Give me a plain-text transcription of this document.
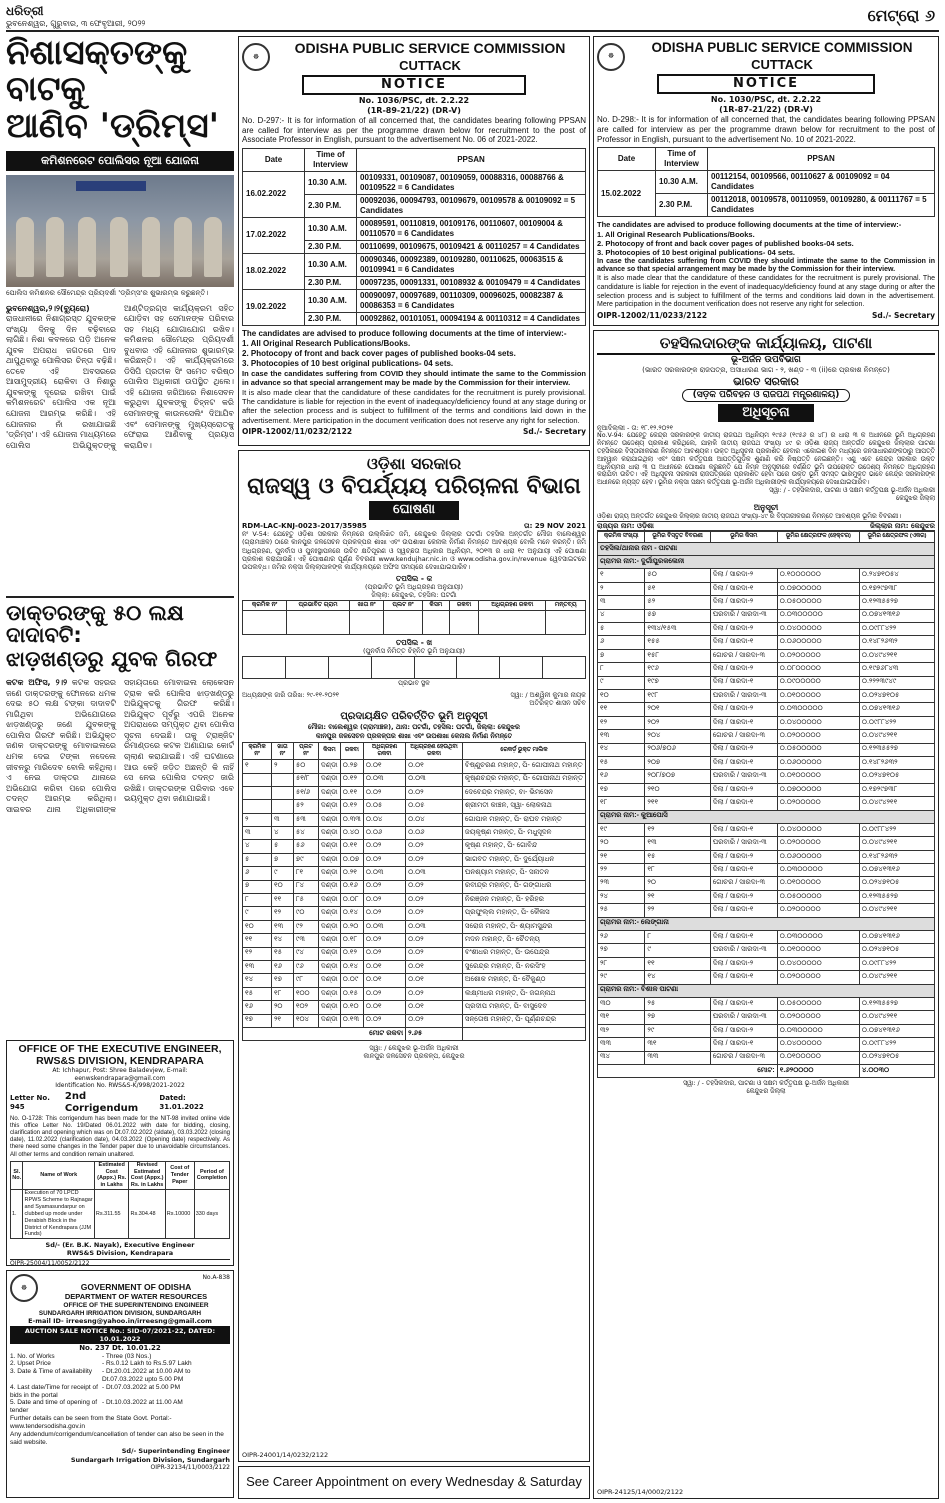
ଧରିତ୍ରୀ
ଭୁବନେଶ୍ୱର, ଗୁରୁବାର, ୩ ଫେବୃଆରୀ, ୨୦୨୨	ମେଟ୍ରୋ ୬
ନିଶାସକ୍ତଙ୍କୁ ବାଟକୁ
ଆଣିବ 'ଡ୍ରିମ୍ସ'
କମିଶନରେଟ ପୋଲିସର ନୂଆ ଯୋଜନା
ପୋଲିସ କମିଶନର ସୌମେନ୍ଦ୍ର ପ୍ରିୟଦର୍ଶୀ 'ଡ୍ରିମ୍ସ'ର ଶୁଭାରମ୍ଭ କରୁଛନ୍ତି।
ଭୁବନେଶ୍ୱର,୨।୨(ବ୍ୟୁରୋ) ରାଜଧାନୀରେ ନିଶାଗ୍ରସ୍ତ ଯୁବକଙ୍କ ସଂଖ୍ୟା ଦିନକୁ ଦିନ ବଢ଼ିବାରେ ଲାଗିଛି। ନିଶା କବଳରେ ପଡ଼ି ଅନେକ ଯୁବକ ଅପରାଧ ଜଗତରେ ପାଦ ଥାପୁଥିବାରୁ ପୋଲିସର ଚିନ୍ତା ବଢ଼ିଛି। ତେବେ ଏହି ଅବସରରେ ଆସାମୁଦ୍ରୀୟ ରୋକିବା ଓ ନିଶାରୁ ଯୁବକଙ୍କୁ ଦୂରେଇ ରଖିବା ପାଇଁ କମିଶନରେଟ ପୋଲିସ ଏକ ନୂଆ ଯୋଜନା ଆରମ୍ଭ କରିଛି। ଏହି ଯୋଜନାର ନାଁ ରଖାଯାଇଛି 'ଡ୍ରିମ୍ସ'। ଏହି ଯୋଜନା ମାଧ୍ୟମରେ ପୋଲିସ ଅଭିଯୁକ୍ତଙ୍କୁ ଆଣ୍ଟିଡ୍ରଗ୍ସ କାର୍ଯ୍ୟକ୍ରମ ସହିତ ଯୋଡ଼ିବା ସହ ସେମାନଙ୍କ ପରିବାର ସହ ମଧ୍ୟ ଯୋଗାଯୋଗ ରଖିବ। କମିଶନର ସୌମେନ୍ଦ୍ର ପ୍ରିୟଦର୍ଶୀ ବୁଧବାର ଏହି ଯୋଜନାର ଶୁଭାରମ୍ଭ କରିଛନ୍ତି। ଏହି କାର୍ଯ୍ୟକ୍ରମରେ ଡିସିପି ପ୍ରତୀକ ସିଂ ସମେତ ବରିଷ୍ଠ ପୋଲିସ ଅଧିକାରୀ ଉପସ୍ଥିତ ଥିଲେ। ଏହି ଯୋଜନା ଜରିଆରେ ନିଶାସେବନ କରୁଥିବା ଯୁବକଙ୍କୁ ଚିହ୍ନଟ କରି ସେମାନଙ୍କୁ କାଉନସେଲିଂ ଦିଆଯିବ ଏବଂ ସେମାନଙ୍କୁ ମୁଖ୍ୟସ୍ରୋତକୁ ଫେରାଇ ଆଣିବାକୁ ପ୍ରୟାସ କରାଯିବ।
ଡାକ୍ତରଙ୍କୁ ୫୦ ଲକ୍ଷ ଦାଦାବଟି:
ଝାଡ଼ଖଣ୍ଡରୁ ଯୁବକ ଗିରଫ
କଟକ ଅଫିସ, ୨।୨ କଟକ ସହରର ଜଣେ ଡାକ୍ତରଙ୍କୁ ଫୋନରେ ଧମକ ଦେଇ ୫୦ ଲକ୍ଷ ଟଙ୍କା ଦାଦାବଟି ମାଗିଥିବା ଅଭିଯୋଗରେ ଝାଡ଼ଖଣ୍ଡରୁ ଜଣେ ଯୁବକଙ୍କୁ ପୋଲିସ ଗିରଫ କରିଛି। ଅଭିଯୁକ୍ତ ଜଣକ ଡାକ୍ତରଙ୍କୁ ମୋବାଇଲରେ ଧମକ ଦେଇ ଟଙ୍କା ନଦେଲେ ଜୀବନରୁ ମାରିଦେବ ବୋଲି କହିଥିଲା। ଏ ନେଇ ଡାକ୍ତର ଥାନାରେ ଅଭିଯୋଗ କରିବା ପରେ ପୋଲିସ ତଦନ୍ତ ଆରମ୍ଭ କରିଥିଲା। ସାଇବର ଥାନା ଅଧିକାରୀଙ୍କ ସହାୟତାରେ ମୋବାଇଲ ଲୋକେସନ ଟ୍ରାକ କରି ପୋଲିସ ଝାଡ଼ଖଣ୍ଡରୁ ଅଭିଯୁକ୍ତକୁ ଗିରଫ କରିଛି। ଅଭିଯୁକ୍ତ ପୂର୍ବରୁ ଏପରି ଅନେକ ଅପରାଧରେ ସମ୍ପୃକ୍ତ ଥିବା ପୋଲିସ ସୂଚନା ଦେଇଛି। ତାକୁ ଟ୍ରାଞ୍ଜିଟ ରିମାଣ୍ଡରେ କଟକ ଅଣାଯାଇ କୋର୍ଟ ଚାଲାଣ କରାଯାଇଛି। ଏହି ଘଟଣାରେ ଆଉ କେହି ଜଡ଼ିତ ଅଛନ୍ତି କି ନାହିଁ ସେ ନେଇ ପୋଲିସ ତଦନ୍ତ ଜାରି ରଖିଛି। ଡାକ୍ତରଙ୍କ ପରିବାର ଏବେ ଭୟମୁକ୍ତ ଥିବା ଜଣାଯାଇଛି।
OFFICE OF THE EXECUTIVE ENGINEER,
RWS&S DIVISION, KENDRAPARA
At: Ichhapur, Post: Shree Baladevjew, E-mail: eenwskendrapara@gmail.com
Identification No. RWS&S-K/998/2021-2022
Letter No. 945
2nd Corrigendum
Dated: 31.01.2022
No. O-1728: This corrigendum has been made for the NIT-98 invited online vide this office Letter No. 19/Dated 06.01.2022 with date for bidding, closing, clarification and opening which was on Dt.07.02.2022 (sldate), 03.03.2022 (closing date), 11.02.2022 (clarification date), 04.03.2022 (Opening date) respectively. As there need some changes in the Tender paper due to unavoidable circumstances. All other terms and condition remain unaltered.
Sl. No.	Name of Work	Estimated Cost (Appx.) Rs. in Lakhs	Revised Estimated Cost (Appx.) Rs. in Lakhs	Cost of Tender Paper	Period of Completion
1.	Execution of 70 LPCD RPWS Scheme to Rajnagar and Syamasundarpur on clubbed up mode under Derabish Block in the District of Kendrapara (JJM Funds)	Rs.311.55	Rs.304.48	Rs.10000	330 days
Sd/- (Er. B.K. Nayak), Executive Engineer
RWS&S Division, Kendrapara
OIPR-25004/11/0052/2122
☸
No.A-838
GOVERNMENT OF ODISHA
DEPARTMENT OF WATER RESOURCES
OFFICE OF THE SUPERINTENDING ENGINEER
SUNDARGARH IRRIGATION DIVISION, SUNDARGARH
E-mail ID- irreesng@yahoo.in/irreesng@gmail.com
AUCTION SALE NOTICE No.: SID-07/2021-22, DATED: 10.01.2022
No. 237 Dt. 10.01.22
1. No. of Works	- Three (03 Nos.)
2. Upset Price	- Rs.0.12 Lakh to Rs.5.97 Lakh
3. Date & Time of availability	- Dt.20.01.2022 at 10.00 AM to Dt.07.03.2022 upto 5.00 PM
4. Last date/Time for receipt of bids in the portal
- Dt.07.03.2022 at 5.00 PM
5. Date and time of opening of tender
- Dt.10.03.2022 at 11.00 AM
Further details can be seen from the State Govt. Portal:- www.tendersodisha.gov.in
Any addendum/corrigendum/cancellation of tender can also be seen in the said website.
Sd/- Superintending Engineer
Sundargarh Irrigation Division, Sundargarh
OIPR-32134/11/0003/2122
☸
ODISHA PUBLIC SERVICE COMMISSION
CUTTACK
NOTICE
No. 1036/PSC, dt. 2.2.22
(1R-89-21/22) (DR-V)
No. D-297:- It is for information of all concerned that, the candidates bearing following PPSAN are called for interview as per the programme drawn below for recruitment to the post of Associate Professor in English, pursuant to the advertisement No. 06 of 2021-2022.
Date	Time of Interview	PPSAN
16.02.2022	10.30 A.M.	00109331, 00109087, 00109059, 00088316, 00088766 & 00109522 = 6 Candidates
	2.30 P.M.	00092036, 00094793, 00109679, 00109578 & 00109092 = 5 Candidates
17.02.2022	10.30 A.M.	00089591, 00110819, 00109176, 00110607, 00109004 & 00110570 = 6 Candidates
	2.30 P.M.	00110699, 00109675, 00109421 & 00110257 = 4 Candidates
18.02.2022	10.30 A.M.	00090346, 00092389, 00109280, 00110625, 00063515 & 00109941 = 6 Candidates
	2.30 P.M.	00097235, 00091331, 00108932 & 00109479 = 4 Candidates
19.02.2022	10.30 A.M.	00090097, 00097689, 00110309, 00096025, 00082387 & 00086353 = 6 Candidates
	2.30 P.M.	00092862, 00101051, 00094194 & 00110312 = 4 Candidates
The candidates are advised to produce following documents at the time of interview:-
1. All Original Research Publications/Books.
2. Photocopy of front and back cover pages of published books-04 sets.
3. Photocopies of 10 best original publications- 04 sets.
In case the candidates suffering from COVID they should intimate the same to the Commission in advance so that special arrangement may be made by the Commission for their interview.
It is also made clear that the candidature of these candidates for the recruitment is purely provisional. The candidature is liable for rejection in the event of inadequacy/deficiency found at any stage during or after the selection process and is subject to fulfillment of the terms and conditions laid down in the advertisement. Mere participation in the document verification does not reserve any right for selection.
OIPR-12002/11/0232/2122	Sd./- Secretary
☸
ODISHA PUBLIC SERVICE COMMISSION
CUTTACK
NOTICE
No. 1030/PSC, dt. 2.2.22
(1R-87-21/22) (DR-V)
No. D-298:- It is for information of all concerned that, the candidates bearing following PPSAN are called for interview as per the programme drawn below for recruitment to the post of Professor in English, pursuant to the advertisement No. 10 of 2021-2022.
Date	Time of Interview	PPSAN
15.02.2022	10.30 A.M.	00112154, 00109566, 00110627 & 00109092 = 04 Candidates
	2.30 P.M.	00112018, 00109578, 00110959, 00109280, & 00111767 = 5 Candidates
The candidates are advised to produce following documents at the time of interview:-
1. All Original Research Publications/Books.
2. Photocopy of front and back cover pages of published books-04 sets.
3. Photocopies of 10 best original publications- 04 sets.
In case the candidates suffering from COVID they should intimate the same to the Commission in advance so that special arrangement may be made by the Commission for their interview.
It is also made clear that the candidature of these candidates for the recruitment is purely provisional. The candidature is liable for rejection in the event of inadequacy/deficiency found at any stage during or after the selection process and is subject to fulfillment of the terms and conditions laid down in the advertisement. Mere participation in the document verification does not reserve any right for selection.
OIPR-12002/11/0233/2122	Sd./- Secretary
ଓଡ଼ିଶା ସରକାର
ରାଜସ୍ୱ ଓ ବିପର୍ଯ୍ୟୟ ପରିଚାଳନା ବିଭାଗ
ଘୋଷଣା
RDM-LAC-KNJ-0023-2017/35985	ତା: 29 NOV 2021
ନଂ V-54: ଯେହେତୁ ଓଡ଼ିଶା ସରକାର ନିମ୍ନରେ ଉଲ୍ଲିଖିତ ଜମି, କେନ୍ଦୁଝର ଜିଲ୍ଲାର ଘଟଗାଁ ତହସିଲ ଅନ୍ତର୍ଗତ ମୌଜା ବାଲେଶ୍ୱର (ଗ୍ରାମାଞ୍ଚଳ) ଠାରେ କାନପୁର ଜଳସେଚନ ପ୍ରକଳ୍ପର ଶାଖା ଏବଂ ଉପଶାଖା କେନାଲ ନିର୍ମାଣ ନିମନ୍ତେ ଆବଶ୍ୟକ ବୋଲି ମନେ କରନ୍ତି। ଜମି ଅଧିଗ୍ରହଣ, ପୁନର୍ବାସ ଓ ପୁନଃସ୍ଥାପନରେ ଉଚିତ କ୍ଷତିପୂରଣ ଓ ସ୍ୱଚ୍ଛତା ଅଧିକାର ଅଧିନିୟମ, ୨୦୧୩ ର ଧାରା ୧୯ ଅନୁଯାୟୀ ଏହି ଘୋଷଣା ପ୍ରକାଶ କରାଯାଉଛି। ଏହି ଘୋଷଣାର ପୂର୍ଣ୍ଣ ବିବରଣୀ www.kendujhar.nic.in ଓ www.odisha.gov.in/revenue ୱେବସାଇଟରେ ଉପଲବ୍ଧ। ଜମିର ନକ୍ସା ଜିଲ୍ଲାପାଳଙ୍କ କାର୍ଯ୍ୟାଳୟରେ ଅଫିସ ସମୟରେ ଦେଖାଯାଇପାରିବ।
ତପସିଲ - କ
(ପ୍ରଭାବିତ ଭୂମି ଅଧିଗ୍ରହଣ ଅନୁଯାୟୀ)
ଜିଲ୍ଲା: କେନ୍ଦୁଝର, ତହସିଲ: ଘଟଗାଁ
କ୍ରମିକ ନଂ	ପ୍ରଭାବିତ ଗ୍ରାମ	ଖାତା ନଂ	ପ୍ଲଟ ନଂ	କିସମ	ରକବା	ଅଧିଗ୍ରହଣ ରକବା	ମନ୍ତବ୍ୟ

ତପସିଲ - ଖ
(ପୁନର୍ବାସ ନିମିତ୍ତ ଚିହ୍ନିତ ଭୂମି ଅନୁଯାୟୀ)

ପ୍ରଭାବ ସ୍ଥଳ
ଅଧ୍ୟକ୍ଷଙ୍କ ଜାରି ତାରିଖ: ୨୯-୧୧-୨୦୨୧	ସ୍ୱା: / ଅଶ୍ୱିନୀ କୁମାର ନାୟକ
ଅତିରିକ୍ତ ଶାସନ ସଚିବ
ପ୍ରଦାୟକ୍ଷିତ ପରିବର୍ତ୍ତିତ ଭୂମି ଅନୁସୂଚୀ
ମୌଜା: ବାଲେଶ୍ୱର (ଗ୍ରାମାଞ୍ଚଳ), ଥାନା: ଘଟଗାଁ, ତହସିଲ: ଘଟଗାଁ, ଜିଲ୍ଲା: କେନ୍ଦୁଝର
କାନପୁର ଜଳସେଚନ ପ୍ରକଳ୍ପର ଶାଖା ଏବଂ ଉପଶାଖା କେନାଲ ନିର୍ମାଣ ନିମନ୍ତେ
କ୍ରମିକ ନଂ	ଖାତା ନଂ	ପ୍ଲଟ ନଂ	କିସମ	ରକବା	ଅଧିଗ୍ରହଣ ରକବା	ଅଧିଗ୍ରହଣ ହେଉଥିବା ରକବା	ରେକର୍ଡ଼ ଭୁକ୍ତ ମାଲିକ
୧	୨	୫୦	ଦଣ୍ଡା	୦.୨୭	୦.୦୧	୦.୦୧	ବିଷ୍ଣୁଚରଣ ମହାନ୍ତ, ପି- ଗୋପୀନାଥ ମହାନ୍ତ
		୫୧/୮	ଦଣ୍ଡା	୦.୧୨	୦.୦୩	୦.୦୩	କୃଷ୍ଣଚନ୍ଦ୍ର ମହାନ୍ତ, ପି- ଗୋପୀନାଥ ମହାନ୍ତ
		୫୧/୬	ଦଣ୍ଡା	୦.୧୧	୦.୦୨	୦.୦୨	ଦେବେନ୍ଦ୍ର ମହାନ୍ତ, ବା- ଭିମସେନ
		୫୨	ଦଣ୍ଡା	୦.୧୨	୦.୦୫	୦.୦୫	ଶ୍ରୀମତୀ କାଞ୍ଚନ, ସ୍ୱା- ଲୋକନାଥ
୨	୩	୫୩	ଦଣ୍ଡା	୦.୩୩	୦.୦୪	୦.୦୪	ଗୋପାଳ ମହାନ୍ତ, ପି- ରାଘବ ମହାନ୍ତ
୩	୪	୫୪	ଦଣ୍ଡା	୦.୪୦	୦.୦୬	୦.୦୬	ଜୟକୃଷ୍ଣ ମହାନ୍ତ, ପି- ମଧୁସୂଦନ
୪	୫	୫୬	ଦଣ୍ଡା	୦.୧୧	୦.୦୨	୦.୦୨	କୃଷ୍ଣ ମହାନ୍ତ, ପି- ଗୋବିନ୍ଦ
୫	୭	୭୯	ଦଣ୍ଡା	୦.୦୭	୦.୦୨	୦.୦୨	ଭାଗବତ ମହାନ୍ତ, ପି- ଦୁର୍ଯ୍ୟୋଧନ
୬	୯	୮୧	ଦଣ୍ଡା	୦.୨୧	୦.୦୩	୦.୦୩	ଘନଶ୍ୟାମ ମହାନ୍ତ, ପି- ସନାତନ
୭	୧୦	୮୪	ଦଣ୍ଡା	୦.୧୬	୦.୦୨	୦.୦୨	ରବୀନ୍ଦ୍ର ମହାନ୍ତ, ପି- ଗଙ୍ଗାଧର
୮	୧୧	୮୫	ଦଣ୍ଡା	୦.୦୮	୦.୦୨	୦.୦୨	ନିରଞ୍ଜନ ମହାନ୍ତ, ପି- ହରିହର
୯	୧୨	୯୦	ଦଣ୍ଡା	୦.୧୪	୦.୦୨	୦.୦୨	ପ୍ରଫୁଲ୍ଲ ମହାନ୍ତ, ପି- କୈଳାସ
୧୦	୧୩	୯୨	ଦଣ୍ଡା	୦.୨୦	୦.୦୩	୦.୦୩	ସରୋଜ ମହାନ୍ତ, ପି- ଶ୍ୟାମସୁନ୍ଦର
୧୧	୧୪	୯୩	ଦଣ୍ଡା	୦.୧୮	୦.୦୨	୦.୦୨	ମଦନ ମହାନ୍ତ, ପି- ଚୈତନ୍ୟ
୧୨	୧୫	୯୪	ଦଣ୍ଡା	୦.୧୨	୦.୦୨	୦.୦୨	ବଂଶୀଧର ମହାନ୍ତ, ପି- ଉପେନ୍ଦ୍ର
୧୩	୧୬	୯୬	ଦଣ୍ଡା	୦.୧୪	୦.୦୧	୦.୦୧	ସୁରେନ୍ଦ୍ର ମହାନ୍ତ, ପି- ନରସିଂହ
୧୪	୧୭	୯୮	ଦଣ୍ଡା	୦.୦୯	୦.୦୧	୦.୦୧	ଅଶୋକ ମହାନ୍ତ, ପି- ବୈକୁଣ୍ଠ
୧୫	୧୮	୧୦୦	ଦଣ୍ଡା	୦.୧୫	୦.୦୨	୦.୦୨	ଲକ୍ଷ୍ମୀଧର ମହାନ୍ତ, ପି- ଜଗନ୍ନାଥ
୧୬	୨୦	୧୦୨	ଦଣ୍ଡା	୦.୧୦	୦.୦୧	୦.୦୧	ପ୍ରଦୀପ ମହାନ୍ତ, ପି- ବାସୁଦେବ
୧୭	୨୧	୧୦୪	ଦଣ୍ଡା	୦.୧୩	୦.୦୨	୦.୦୨	ସନ୍ତୋଷ ମହାନ୍ତ, ପି- ପୂର୍ଣ୍ଣଚନ୍ଦ୍ର
ମୋଟ ରକବା						୨.୬୫	
ସ୍ୱା: / କେନ୍ଦୁଝର ଭୂ-ଅର୍ଜନ ଅଧିକାରୀ
କାନପୁର ଜଳସେଚନ ପ୍ରକଳ୍ପ, କେନ୍ଦୁଝର
OIPR-24001/14/0232/2122
See Career Appointment on every Wednesday & Saturday
ତହସିଲଦାରଙ୍କ କାର୍ଯ୍ୟାଳୟ, ପାଟଣା
ଭୂ-ଅର୍ଜନ ଉପବିଭାଗ
(ଭାରତ ସରକାରଙ୍କ ରାଜପତ୍ର, ଅସାଧାରଣ ଭାଗ - ୨, ଖଣ୍ଡ - ୩ (ii)ରେ ପ୍ରକାଶ ନିମନ୍ତେ)
ଭାରତ ସରକାର
(ସଡ଼କ ପରିବହନ ଓ ରାଜପଥ ମନ୍ତ୍ରଣାଳୟ)
ଅଧିସୂଚନା
ନୂଆଦିଲ୍ଲୀ - ତା: ୧୮.୧୨.୨୦୨୧
No.V-94: ଯେହେତୁ କେନ୍ଦ୍ର ସରକାରଙ୍କ ଜାତୀୟ ରାଜପଥ ଅଧିନିୟମ ୧୯୫୬ (୧୯୫୬ ର ୪୮) ର ଧାରା ୩ କ ଅଧୀନରେ ଭୂମି ଅଧିଗ୍ରହଣ ନିମନ୍ତେ ଉଦ୍ଦେଶ୍ୟ ପ୍ରକାଶ କରିଥିଲେ, ଯାହାକି ଜାତୀୟ ରାଜପଥ ସଂଖ୍ୟା ୪୯ ର ଓଡ଼ିଶା ରାଜ୍ୟ ଅନ୍ତର୍ଗତ କେନ୍ଦୁଝର ଜିଲ୍ଲାର ପାଟଣା ତହସିଲରେ ବିସ୍ତାରୀକରଣ ନିମନ୍ତେ ଆବଶ୍ୟକ। ଉକ୍ତ ଅଧିସୂଚନା ପ୍ରକାଶିତ ହେବାର ଏକୋଇଶ ଦିନ ମଧ୍ୟରେ ଜନସାଧାରଣଙ୍କଠାରୁ ଆପତ୍ତି ଆହ୍ୱାନ କରାଯାଇଥିଲା ଏବଂ ସକ୍ଷମ କର୍ତ୍ତୃପକ୍ଷ ଆପତ୍ତିଗୁଡ଼ିକ ଶୁଣାଣି କରି ନିଷ୍ପତ୍ତି ନେଇଛନ୍ତି। ଏଣୁ ଏବେ କେନ୍ଦ୍ର ସରକାର ଉକ୍ତ ଅଧିନିୟମର ଧାରା ୩ ଘ ଅଧୀନରେ ଘୋଷଣା କରୁଛନ୍ତି ଯେ ନିମ୍ନ ଅନୁସୂଚୀରେ ବର୍ଣ୍ଣିତ ଭୂମି ଉପରୋକ୍ତ ଉଦ୍ଦେଶ୍ୟ ନିମନ୍ତେ ଅଧିଗ୍ରହଣ କରାଯିବା ଉଚିତ। ଏହି ଅଧିସୂଚନା ସରକାରୀ ରାଜପତ୍ରରେ ପ୍ରକାଶିତ ହେବା ପରେ ଉକ୍ତ ଭୂମି ସମସ୍ତ ଭାରମୁକ୍ତ ଭାବେ କେନ୍ଦ୍ର ସରକାରଙ୍କ ଅଧୀନରେ ନ୍ୟସ୍ତ ହେବ। ଭୂମିର ନକ୍ସା ସକ୍ଷମ କର୍ତ୍ତୃପକ୍ଷ ଭୂ-ଅର୍ଜନ ଅଧିକାରୀଙ୍କ କାର୍ଯ୍ୟାଳୟରେ ଦେଖାଯାଇପାରିବ।
ସ୍ୱା: / - ତହସିଲଦାର, ପାଟଣା ଓ ସକ୍ଷମ କର୍ତ୍ତୃପକ୍ଷ ଭୂ-ଅର୍ଜନ ଅଧିକାରୀ
କେନ୍ଦୁଝର ଜିଲ୍ଲା
ଅନୁସୂଚୀ
ଓଡ଼ିଶା ରାଜ୍ୟ ଅନ୍ତର୍ଗତ କେନ୍ଦୁଝର ଜିଲ୍ଲାର ଜାତୀୟ ରାଜପଥ ସଂଖ୍ୟା-୪୯ ର ବିସ୍ତାରୀକରଣ ନିମନ୍ତେ ଆବଶ୍ୟକ ଭୂମିର ବିବରଣୀ।
ରାଜ୍ୟର ନାମ: ଓଡ଼ିଶା	ଜିଲ୍ଲାର ନାମ: କେନ୍ଦୁଝର
କ୍ରମିକ ସଂଖ୍ୟା	ଭୂମିର ବିସ୍ତୃତ ବିବରଣୀ	ଭୂମିର କିସମ	ଭୂମିର କ୍ଷେତ୍ରଫଳ (ହେକ୍ଟର)	ଭୂମିର କ୍ଷେତ୍ରଫଳ (ଏକର)
ତହସିଲ/ଥାନାର ନାମ - ପାଟଣା				
ଗ୍ରାମର ନାମ:- ଦୁର୍ଗାପୁରକଳୋନୀ				
୧	୫୦	ଦିଲା / ସାରଦା-୨	୦.୧୦୦୦୦୦୦	୦.୨୪୭୧୦୫୪
୨	୫୧	ଦିଲା / ସାରଦା-୧	୦.୦୭୦୦୦୦୦	୦.୧୭୨୯୭୩୮
୩	୫୨	ଦିଲା / ସାରଦା-୨	୦.୦୫୦୦୦୦୦	୦.୧୨୩୫୫୨୭
୪	୫୭	ଘରବାରି / ସାରଦା-୩	୦.୦୩୦୦୦୦୦	୦.୦୭୪୧୩୧୬
୫	୧୩୪/୧୫୩	ଦିଲା / ସାରଦା-୨	୦.୦୪୦୦୦୦୦	୦.୦୯୮୮୪୨୨
୬	୧୫୫	ଦିଲା / ସାରଦା-୧	୦.୦୬୦୦୦୦୦	୦.୧୪୮୨୬୩୨
୭	୧୫୮	ଗୋଚର / ସାରଦା-୩	୦.୦୨୦୦୦୦୦	୦.୦୪୯୪୨୧୧
୮	୧୯୬	ଦିଲା / ସାରଦା-୨	୦.୦୮୦୦୦୦୦	୦.୧୯୭୬୮୪୩
୯	୧୯୭	ଦିଲା / ସାରଦା-୧	୦.୦୯୦୦୦୦୦	୦.୨୨୨୩୯୪୯
୧୦	୧୯୮	ଘରବାରି / ସାରଦା-୩	୦.୦୧୦୦୦୦୦	୦.୦୨୪୭୧୦୫
୧୧	୨୦୧	ଦିଲା / ସାରଦା-୨	୦.୦୩୦୦୦୦୦	୦.୦୭୪୧୩୧୬
୧୨	୨୦୨	ଦିଲା / ସାରଦା-୧	୦.୦୪୦୦୦୦୦	୦.୦୯୮୮୪୨୨
୧୩	୨୦୪	ଗୋଚର / ସାରଦା-୩	୦.୦୨୦୦୦୦୦	୦.୦୪୯୪୨୧୧
୧୪	୨୦୬/୭୦୬	ଦିଲା / ସାରଦା-୨	୦.୦୫୦୦୦୦୦	୦.୧୨୩୫୫୨୭
୧୫	୨୦୭	ଦିଲା / ସାରଦା-୧	୦.୦୬୦୦୦୦୦	୦.୧୪୮୨୬୩୨
୧୬	୨୦୮/୭୦୭	ଘରବାରି / ସାରଦା-୩	୦.୦୧୦୦୦୦୦	୦.୦୨୪୭୧୦୫
୧୭	୨୧୦	ଦିଲା / ସାରଦା-୨	୦.୦୭୦୦୦୦୦	୦.୧୭୨୯୭୩୮
୧୮	୨୧୧	ଦିଲା / ସାରଦା-୧	୦.୦୨୦୦୦୦୦	୦.୦୪୯୪୨୧୧
ଗ୍ରାମର ନାମ:- କୁଆପୋସି				
୧୯	୧୨	ଦିଲା / ସାରଦା-୧	୦.୦୪୦୦୦୦୦	୦.୦୯୮୮୪୨୨
୨୦	୧୩	ଘରବାରି / ସାରଦା-୩	୦.୦୨୦୦୦୦୦	୦.୦୪୯୪୨୧୧
୨୧	୧୫	ଦିଲା / ସାରଦା-୨	୦.୦୬୦୦୦୦୦	୦.୧୪୮୨୬୩୨
୨୨	୧୮	ଦିଲା / ସାରଦା-୧	୦.୦୩୦୦୦୦୦	୦.୦୭୪୧୩୧୬
୨୩	୨୦	ଗୋଚର / ସାରଦା-୩	୦.୦୧୦୦୦୦୦	୦.୦୨୪୭୧୦୫
୨୪	୨୧	ଦିଲା / ସାରଦା-୨	୦.୦୫୦୦୦୦୦	୦.୧୨୩୫୫୨୭
୨୫	୨୨	ଦିଲା / ସାରଦା-୧	୦.୦୨୦୦୦୦୦	୦.୦୪୯୪୨୧୧
ଗ୍ରାମର ନାମ:- ଲେଙ୍ଗାନା				
୨୬	୮	ଦିଲା / ସାରଦା-୧	୦.୦୩୦୦୦୦୦	୦.୦୭୪୧୩୧୬
୨୭	୯	ଘରବାରି / ସାରଦା-୩	୦.୦୧୦୦୦୦୦	୦.୦୨୪୭୧୦୫
୨୮	୧୧	ଦିଲା / ସାରଦା-୨	୦.୦୪୦୦୦୦୦	୦.୦୯୮୮୪୨୨
୨୯	୧୪	ଦିଲା / ସାରଦା-୧	୦.୦୨୦୦୦୦୦	୦.୦୪୯୪୨୧୧
ଗ୍ରାମର ନାମ:- ବିଶାଳ ପାଟଣା				
୩୦	୨୫	ଦିଲା / ସାରଦା-୧	୦.୦୫୦୦୦୦୦	୦.୧୨୩୫୫୨୭
୩୧	୨୭	ଘରବାରି / ସାରଦା-୩	୦.୦୨୦୦୦୦୦	୦.୦୪୯୪୨୧୧
୩୨	୨୯	ଦିଲା / ସାରଦା-୨	୦.୦୩୦୦୦୦୦	୦.୦୭୪୧୩୧୬
୩୩	୩୧	ଦିଲା / ସାରଦା-୧	୦.୦୪୦୦୦୦୦	୦.୦୯୮୮୪୨୨
୩୪	୩୩	ଗୋଚର / ସାରଦା-୩	୦.୦୧୦୦୦୦୦	୦.୦୨୪୭୧୦୫
ମୋଟ:			୧.୬୨୦୦୦୦	୪.୦୦୩୦
ସ୍ୱା: / - ତହସିଲଦାର, ପାଟଣା ଓ ସକ୍ଷମ କର୍ତ୍ତୃପକ୍ଷ ଭୂ-ଅର୍ଜନ ଅଧିକାରୀ
କେନ୍ଦୁଝର ଜିଲ୍ଲା
OIPR-24125/14/0002/2122
